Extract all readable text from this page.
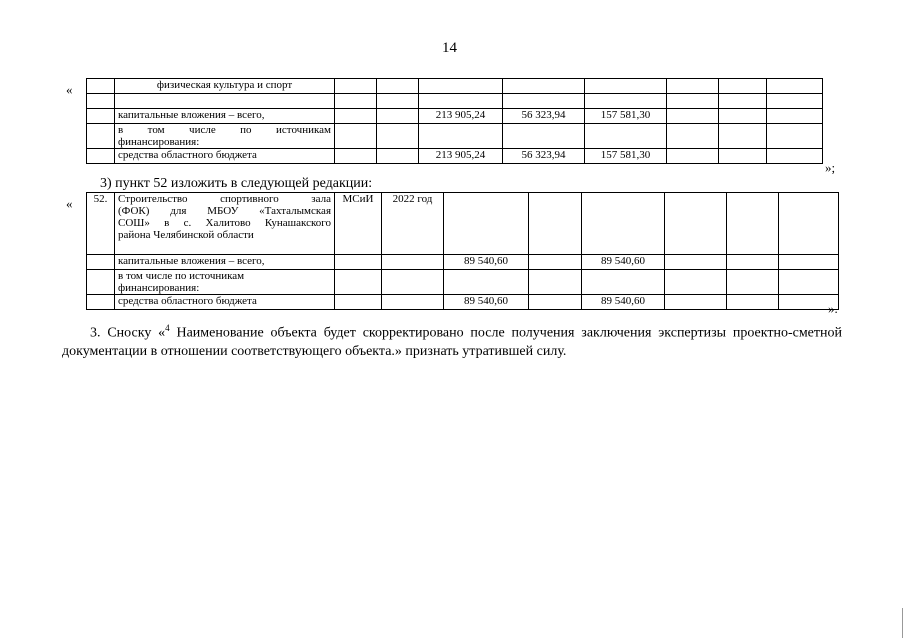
14
«
		физическая культура и спорт								

	капитальные вложения – всего,			213 905,24	56 323,94	157 581,30			

	в том числе по источникам
финансирования:								

	средства областного бюджета			213 905,24	56 323,94	157 581,30			
»;
3) пункт 52 изложить в следующей редакции:
« 52.	Строительство спортивного зала
(ФОК) для МБОУ «Тахталымская
СОШ» в с. Халитово Кунашакского
района Челябинской области	МСиИ	2022 год						
	капитальные вложения – всего,			89 540,60		89 540,60			

	в том числе по источникам
финансирования:								

	средства областного бюджета			89 540,60		89 540,60				».
3. Сноску «$^4$ Наименование объекта будет скорректировано после получения заключения экспертизы проектно-сметной документации в отношении соответствующего объекта.» признать утратившей силу.
